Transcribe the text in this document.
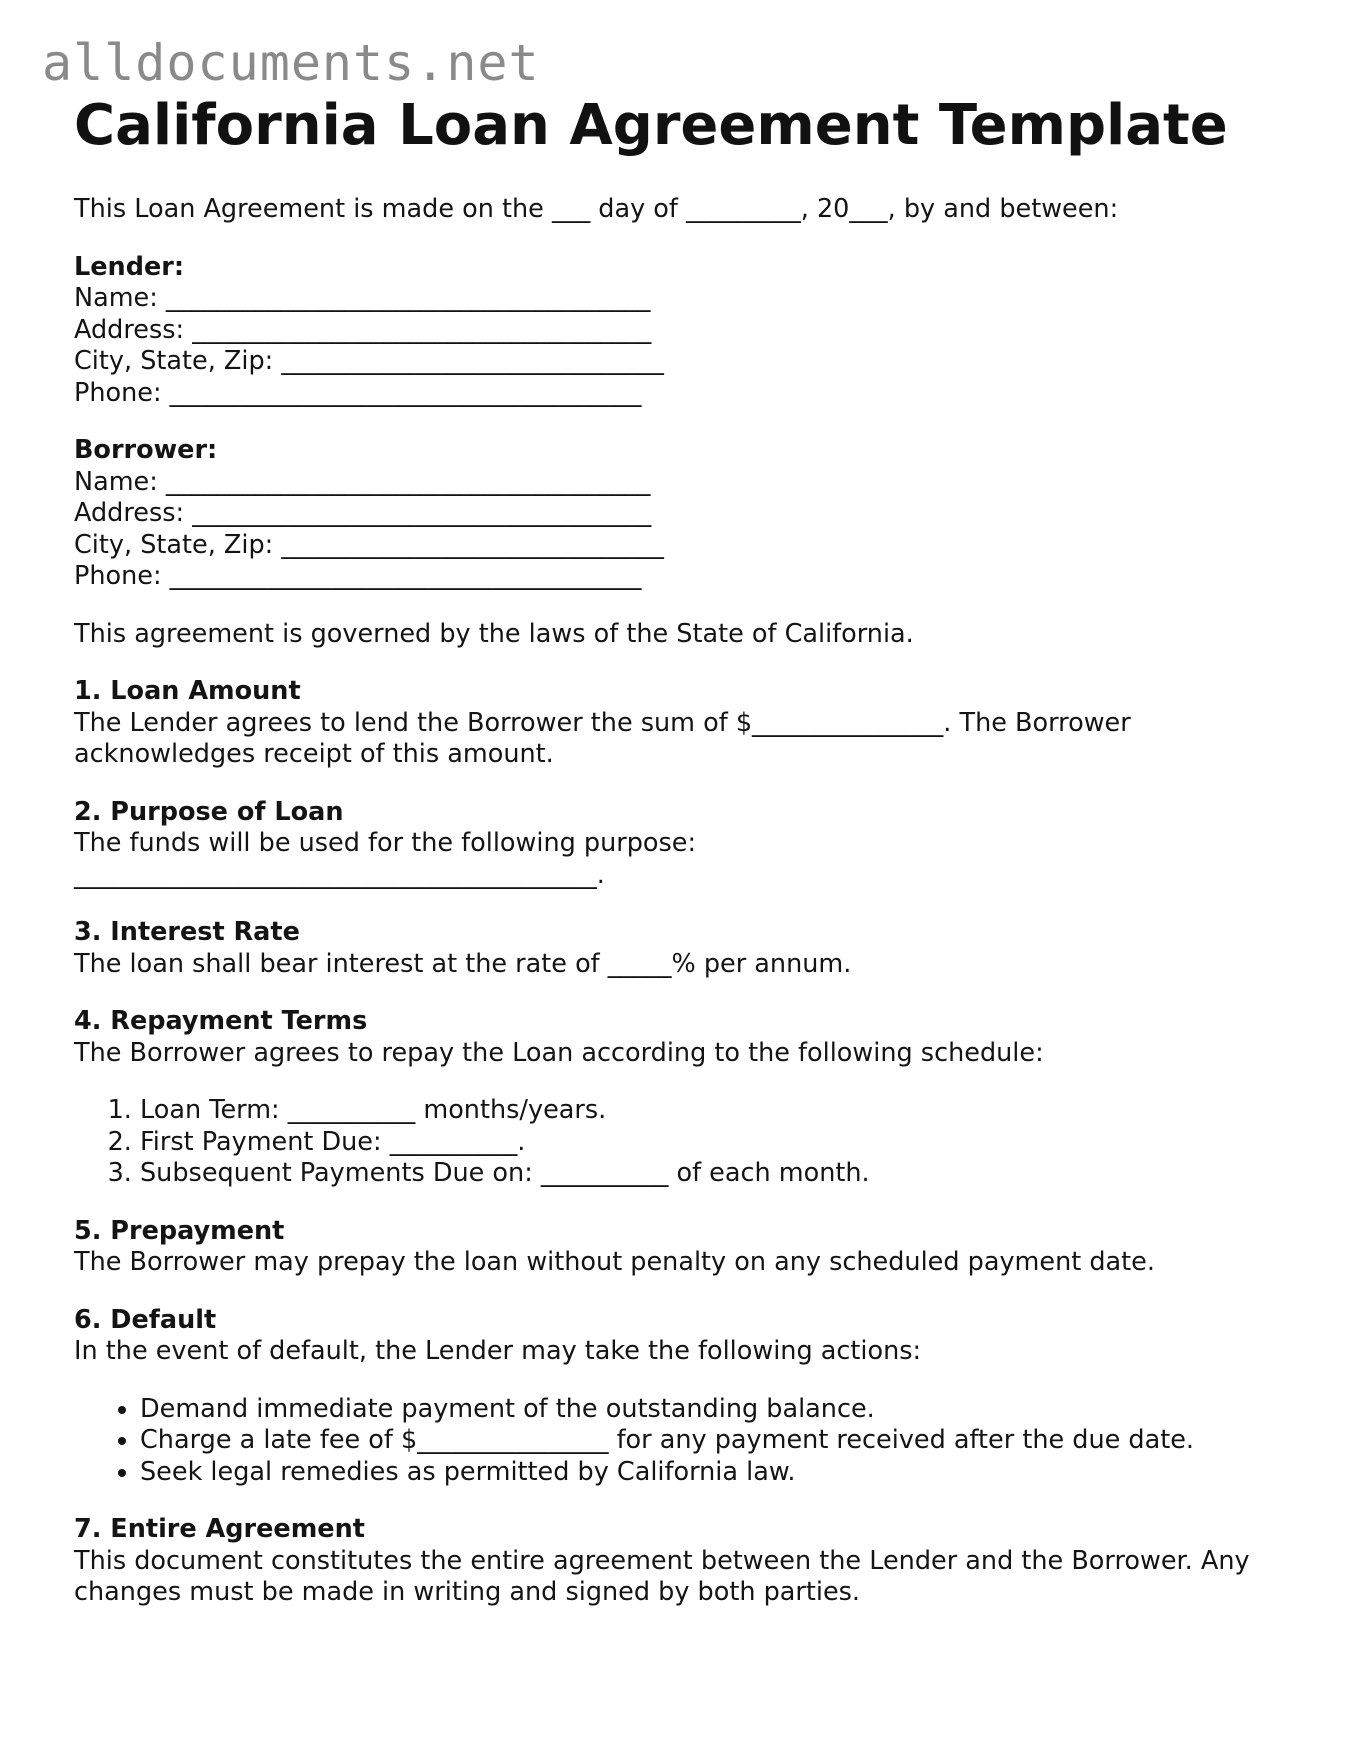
alldocuments.net
California Loan Agreement Template

This Loan Agreement is made on the ___ day of _________, 20___, by and between:

Lender:
Name: ______________________________________
Address: ____________________________________
City, State, Zip: ______________________________
Phone: _____________________________________
Borrower:
Name: ______________________________________
Address: ____________________________________
City, State, Zip: ______________________________
Phone: _____________________________________

This agreement is governed by the laws of the State of California.

1. Loan Amount

The Lender agrees to lend the Borrower the sum of $_______________. The Borrower acknowledges receipt of this amount.

2. Purpose of Loan

The funds will be used for the following purpose:

_________________________________________.

3. Interest Rate

The loan shall bear interest at the rate of _____% per annum.

4. Repayment Terms

The Borrower agrees to repay the Loan according to the following schedule:

1. Loan Term: __________ months/years.
2. First Payment Due: __________.
3. Subsequent Payments Due on: __________ of each month.
5. Prepayment

The Borrower may prepay the loan without penalty on any scheduled payment date.

6. Default

In the event of default, the Lender may take the following actions:

• Demand immediate payment of the outstanding balance.
• Charge a late fee of $_______________ for any payment received after the due date.
• Seek legal remedies as permitted by California law.
7. Entire Agreement

This document constitutes the entire agreement between the Lender and the Borrower. Any changes must be made in writing and signed by both parties.
